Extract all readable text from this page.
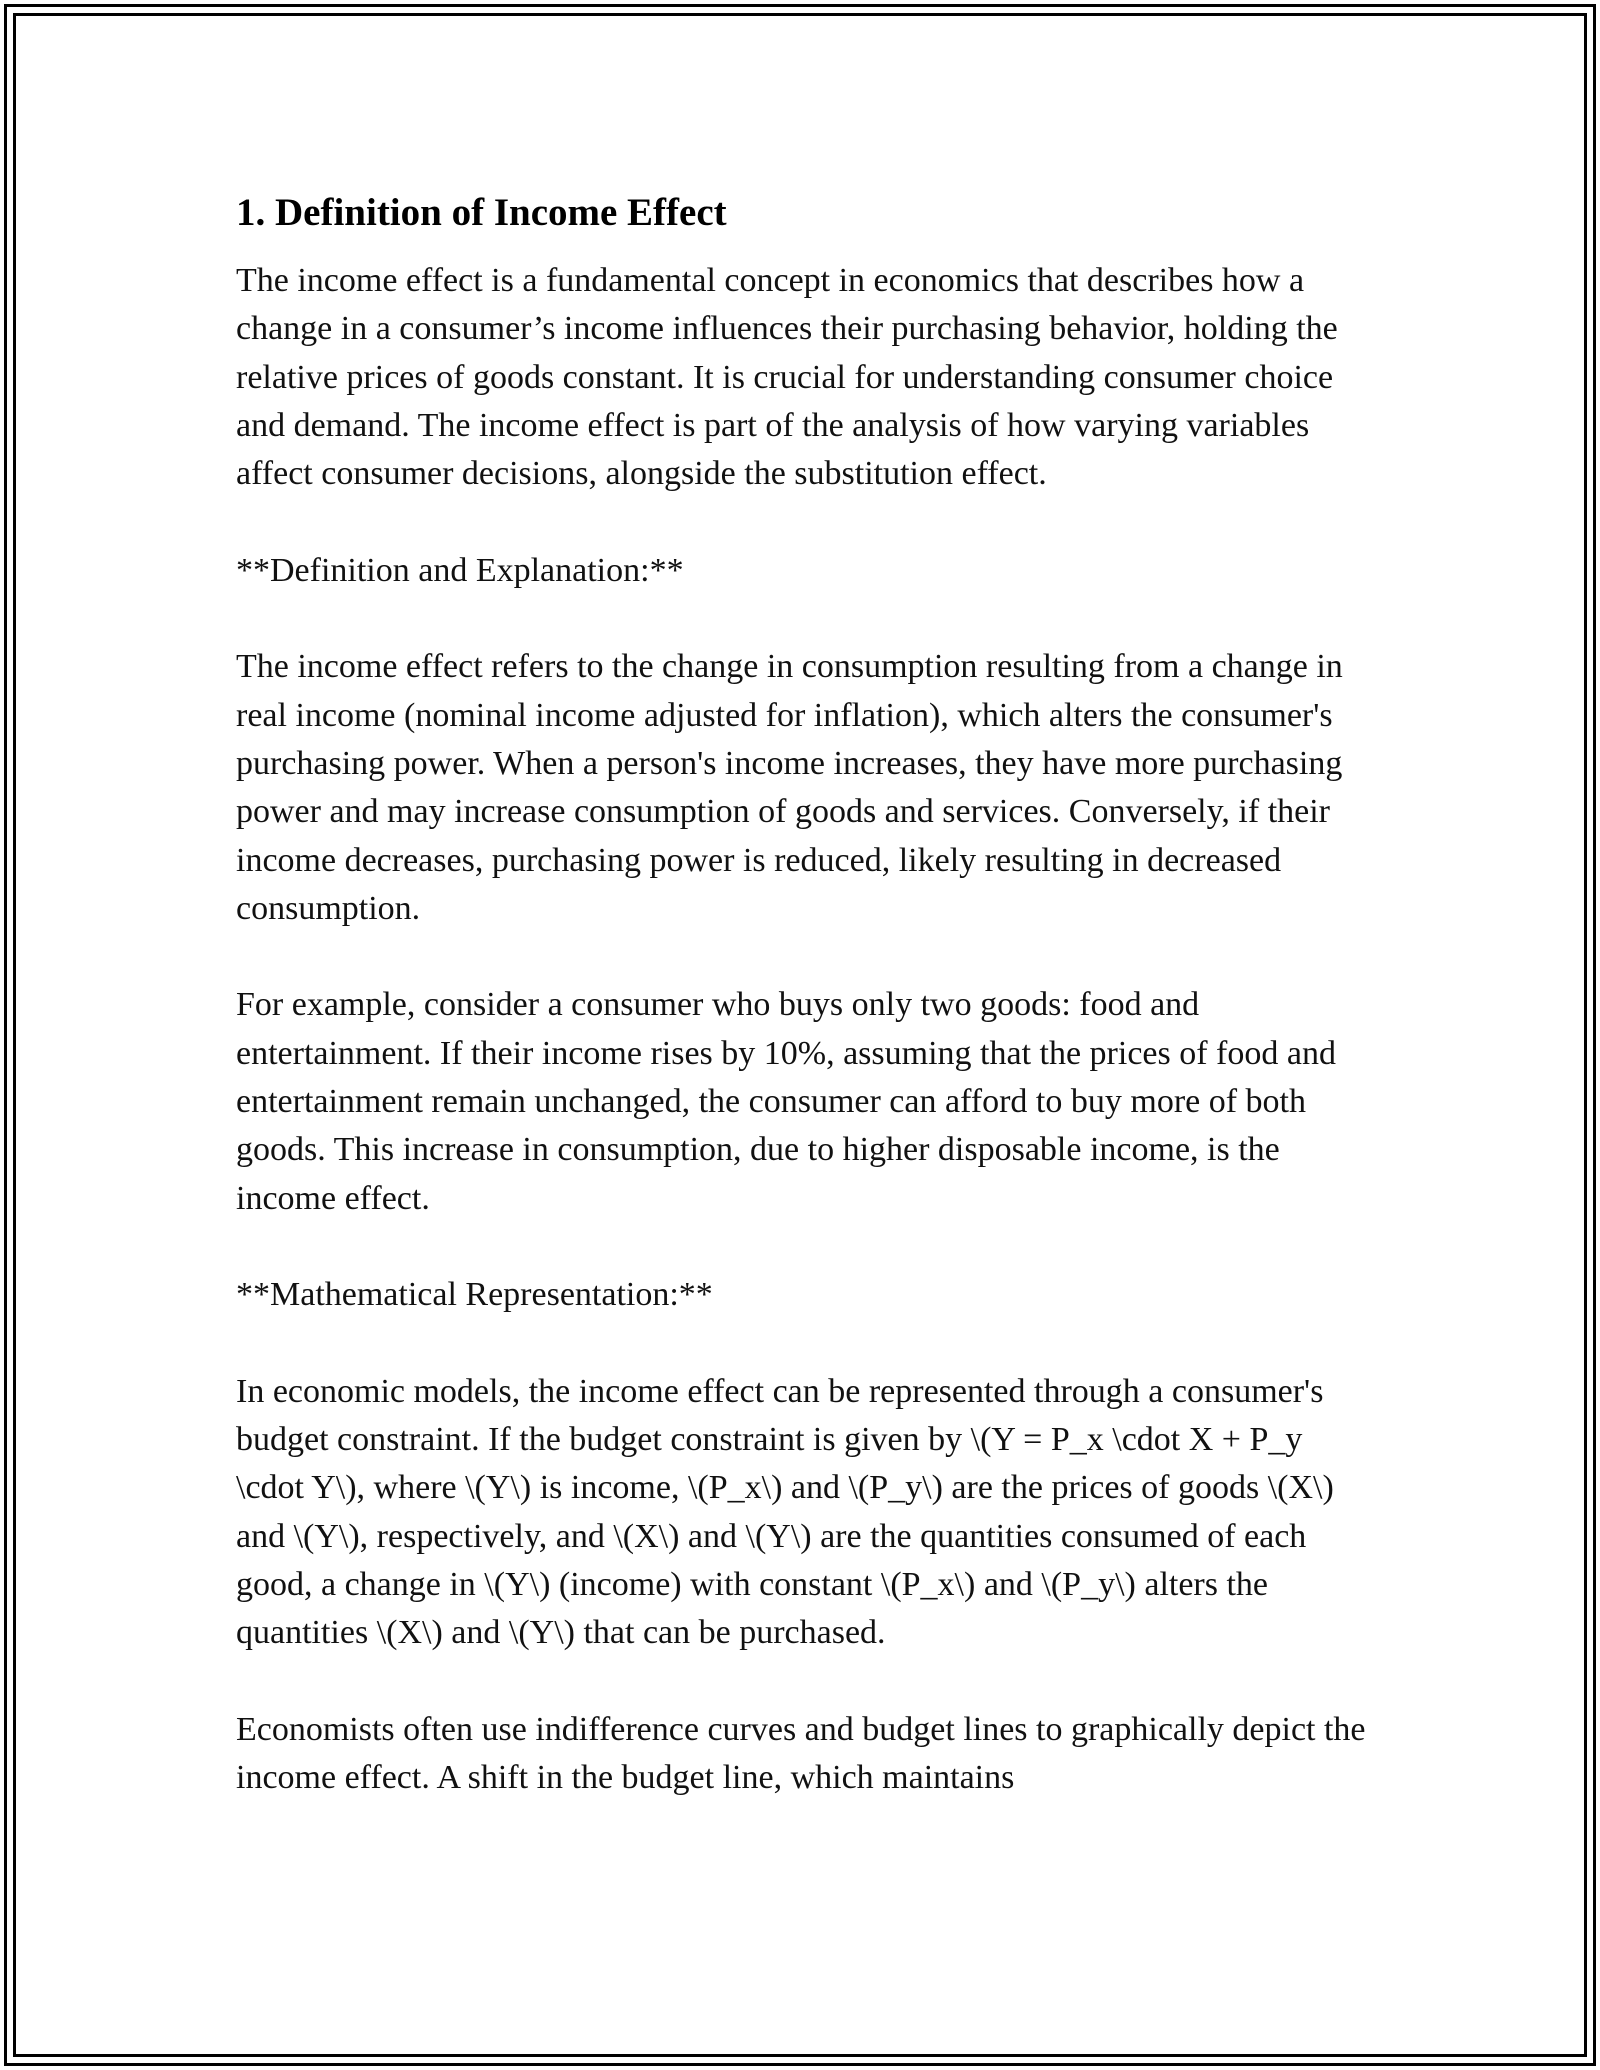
1. Definition of Income Effect

The income effect is a fundamental concept in economics that describes how a change in a consumer’s income influences their purchasing behavior, holding the relative prices of goods constant. It is crucial for understanding consumer choice and demand. The income effect is part of the analysis of how varying variables affect consumer decisions, alongside the substitution effect.

**Definition and Explanation:**

The income effect refers to the change in consumption resulting from a change in real income (nominal income adjusted for inflation), which alters the consumer's purchasing power. When a person's income increases, they have more purchasing power and may increase consumption of goods and services. Conversely, if their income decreases, purchasing power is reduced, likely resulting in decreased consumption.

For example, consider a consumer who buys only two goods: food and entertainment. If their income rises by 10%, assuming that the prices of food and entertainment remain unchanged, the consumer can afford to buy more of both goods. This increase in consumption, due to higher disposable income, is the income effect.

**Mathematical Representation:**

In economic models, the income effect can be represented through a consumer's budget constraint. If the budget constraint is given by \(Y = P_x \cdot X + P_y \cdot Y\), where \(Y\) is income, \(P_x\) and \(P_y\) are the prices of goods \(X\) and \(Y\), respectively, and \(X\) and \(Y\) are the quantities consumed of each good, a change in \(Y\) (income) with constant \(P_x\) and \(P_y\) alters the quantities \(X\) and \(Y\) that can be purchased.

Economists often use indifference curves and budget lines to graphically depict the income effect. A shift in the budget line, which maintains
